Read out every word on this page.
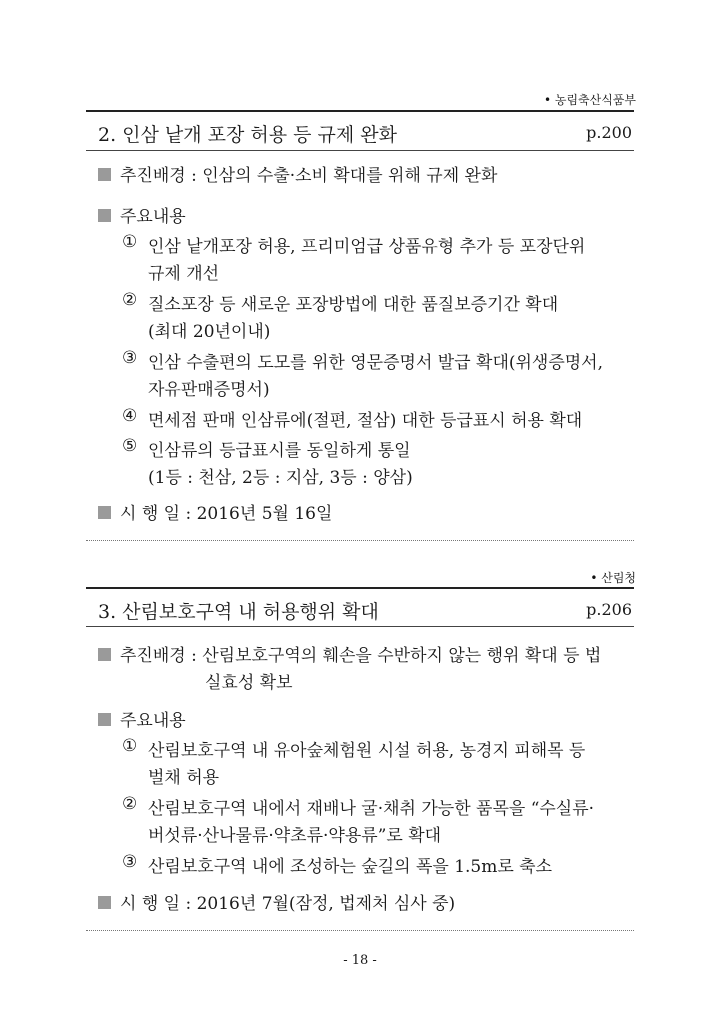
• 농림축산식품부
2. 인삼 낱개 포장 허용 등 규제 완화	p.200
추진배경 : 인삼의 수출·소비 확대를 위해 규제 완화
주요내용
① 인삼 낱개포장 허용, 프리미엄급 상품유형 추가 등 포장단위
규제 개선
② 질소포장 등 새로운 포장방법에 대한 품질보증기간 확대
(최대 20년이내)
③ 인삼 수출편의 도모를 위한 영문증명서 발급 확대(위생증명서,
자유판매증명서)
④ 면세점 판매 인삼류에(절편, 절삼) 대한 등급표시 허용 확대
⑤ 인삼류의 등급표시를 동일하게 통일
(1등 : 천삼, 2등 : 지삼, 3등 : 양삼)
시 행 일 : 2016년 5월 16일
• 산림청
3. 산림보호구역 내 허용행위 확대	p.206
추진배경 : 산림보호구역의 훼손을 수반하지 않는 행위 확대 등 법
실효성 확보
주요내용
① 산림보호구역 내 유아숲체험원 시설 허용, 농경지 피해목 등
벌채 허용
② 산림보호구역 내에서 재배나 굴·채취 가능한 품목을 “수실류·
버섯류·산나물류·약초류·약용류”로 확대
③ 산림보호구역 내에 조성하는 숲길의 폭을 1.5m로 축소
시 행 일 : 2016년 7월(잠정, 법제처 심사 중)
- 18 -
